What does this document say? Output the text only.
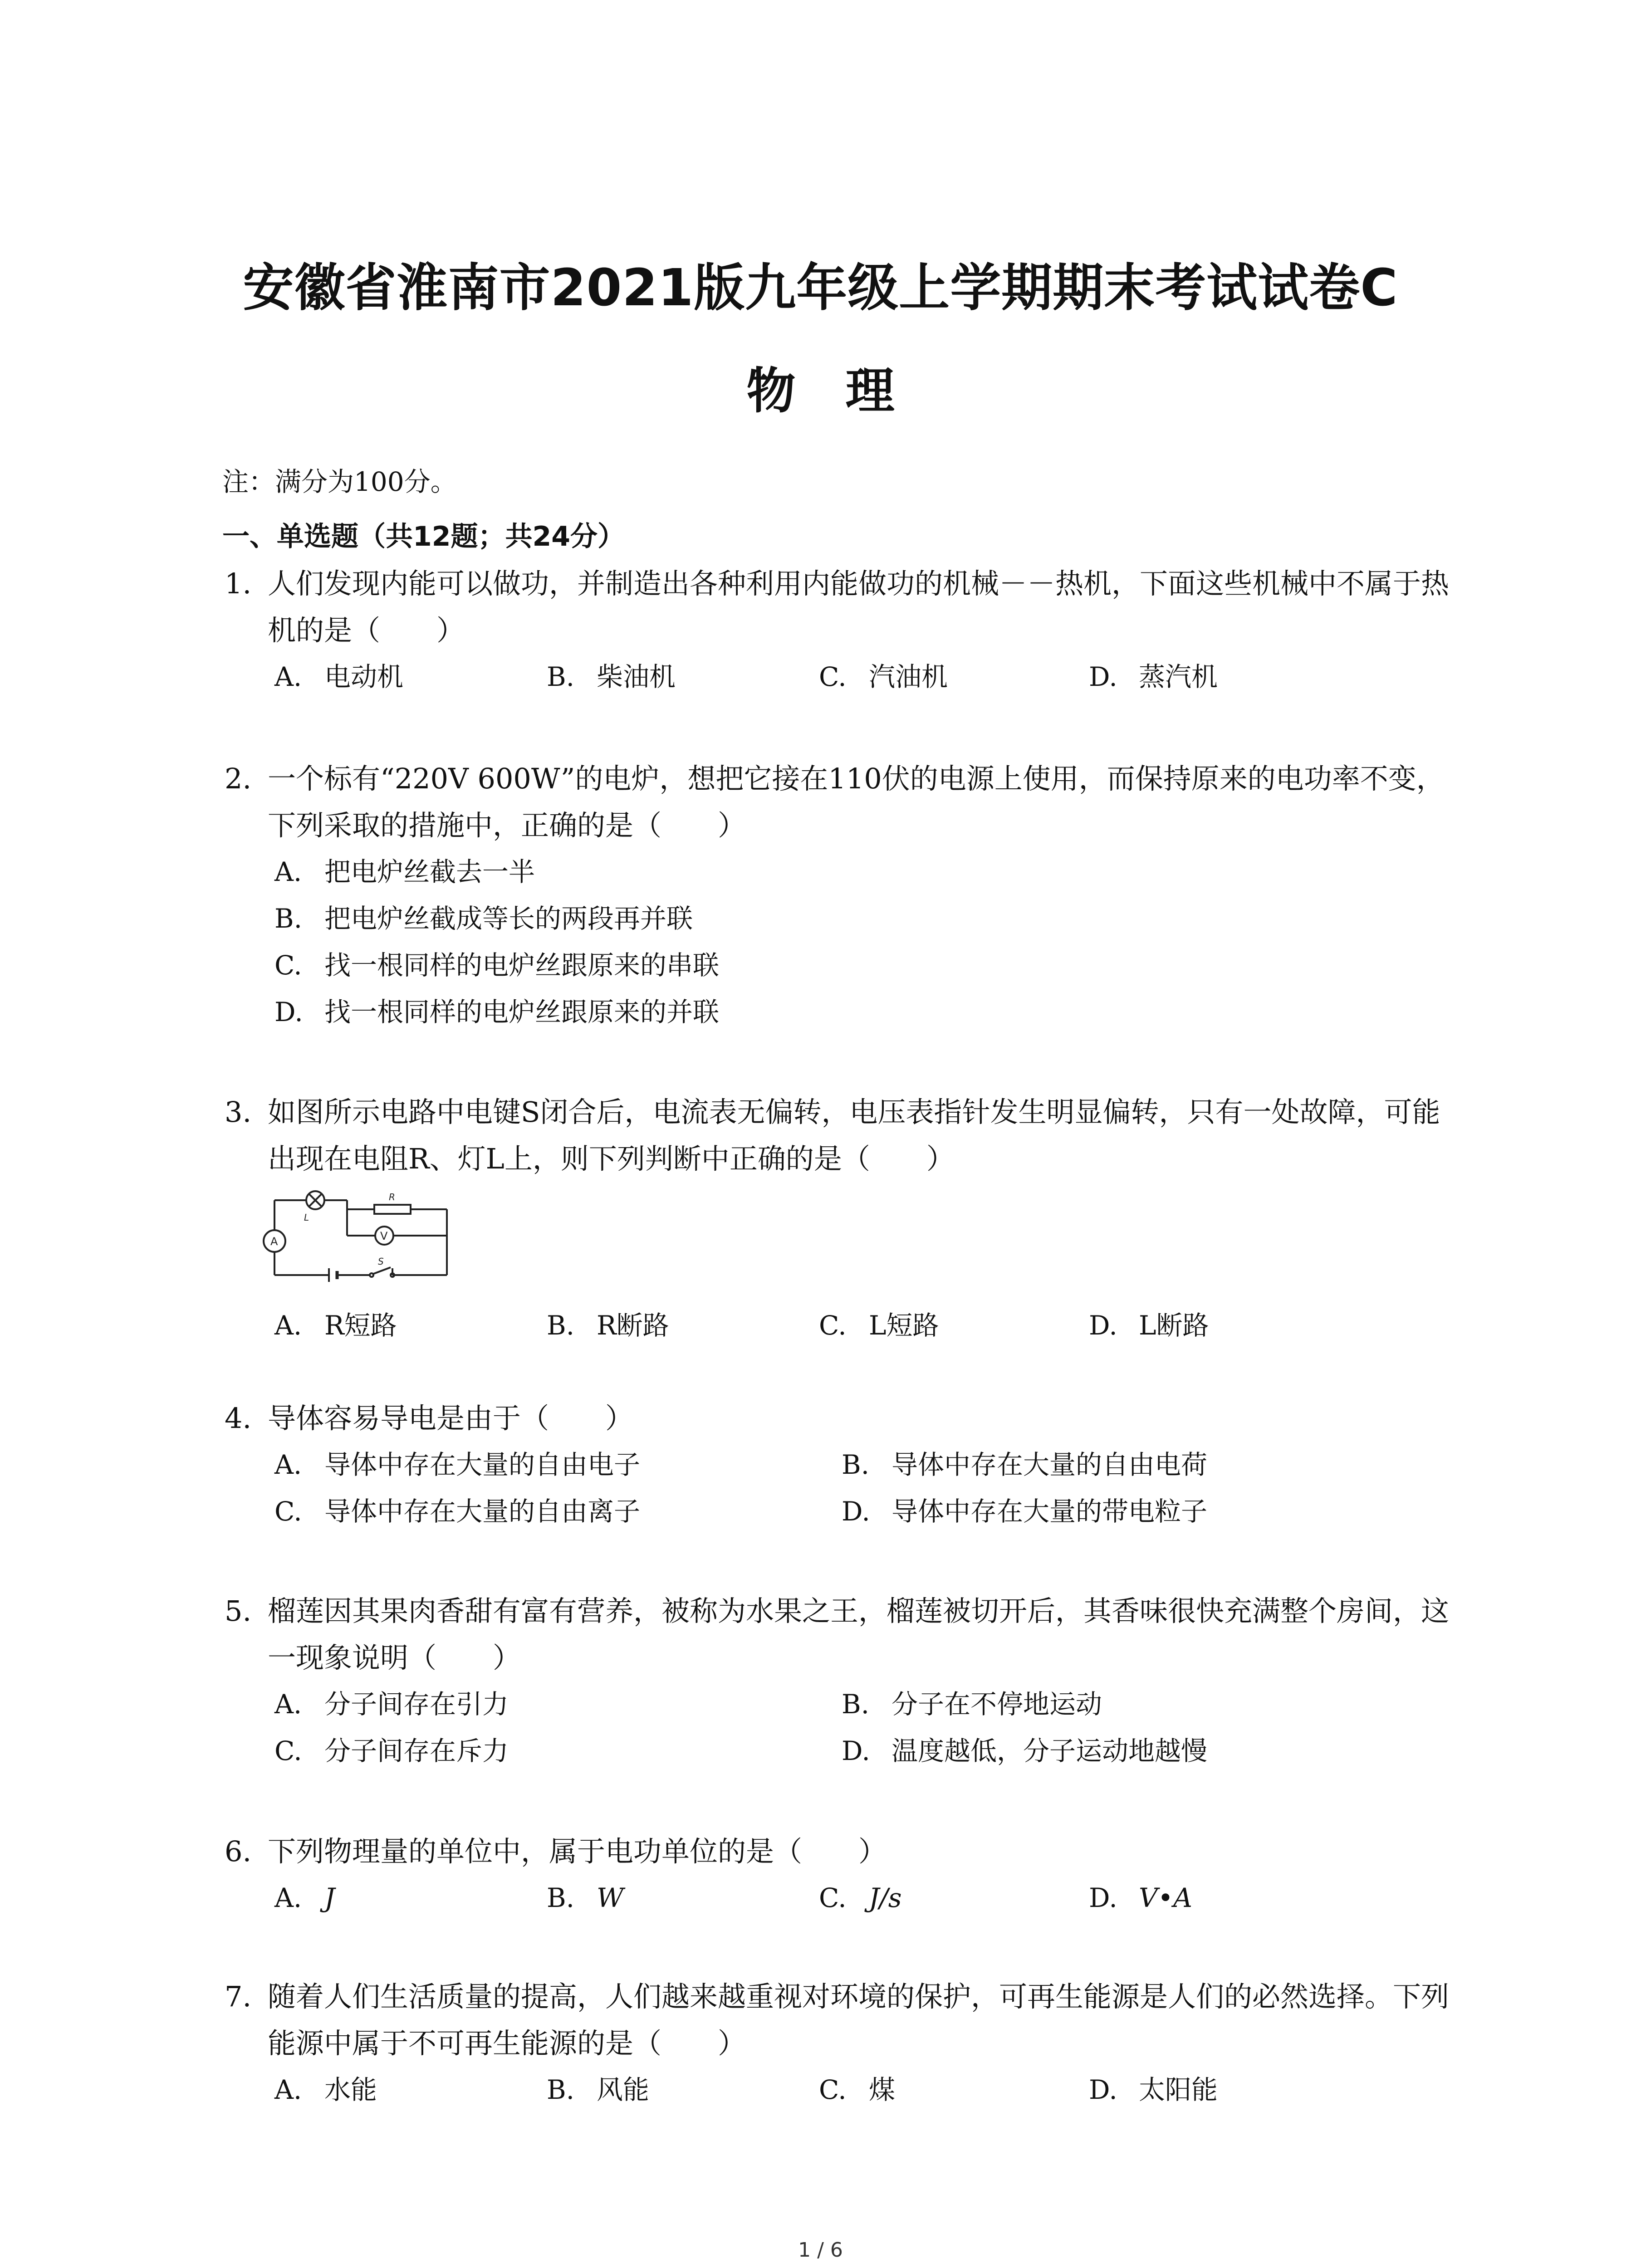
安徽省淮南市2021版九年级上学期期末考试试卷C
物理
注：满分为100分。
一、单选题（共12题；共24分）
1. 人们发现内能可以做功，并制造出各种利用内能做功的机械－－热机，下面这些机械中不属于热机的是（　　）
A. 电动机	B. 柴油机	C. 汽油机	D. 蒸汽机
2. 一个标有“220V 600W”的电炉，想把它接在110伏的电源上使用，而保持原来的电功率不变，下列采取的措施中，正确的是（　　）
A. 把电炉丝截去一半
B. 把电炉丝截成等长的两段再并联
C. 找一根同样的电炉丝跟原来的串联
D. 找一根同样的电炉丝跟原来的并联
3. 如图所示电路中电键S闭合后，电流表无偏转，电压表指针发生明显偏转，只有一处故障，可能出现在电阻R、灯L上，则下列判断中正确的是（　　）
A	V
L
R
S
A. R短路	B. R断路	C. L短路	D. L断路
4. 导体容易导电是由于（　　）
A. 导体中存在大量的自由电子	B. 导体中存在大量的自由电荷
C. 导体中存在大量的自由离子	D. 导体中存在大量的带电粒子
5. 榴莲因其果肉香甜有富有营养，被称为水果之王，榴莲被切开后，其香味很快充满整个房间，这一现象说明（　　）
A. 分子间存在引力	B. 分子在不停地运动
C. 分子间存在斥力	D. 温度越低，分子运动地越慢
6. 下列物理量的单位中，属于电功单位的是（　　）
A. J	B. W	C. J/s	D. V•A
7. 随着人们生活质量的提高，人们越来越重视对环境的保护，可再生能源是人们的必然选择。下列能源中属于不可再生能源的是（　　）
A. 水能	B. 风能	C. 煤	D. 太阳能
1 / 6
